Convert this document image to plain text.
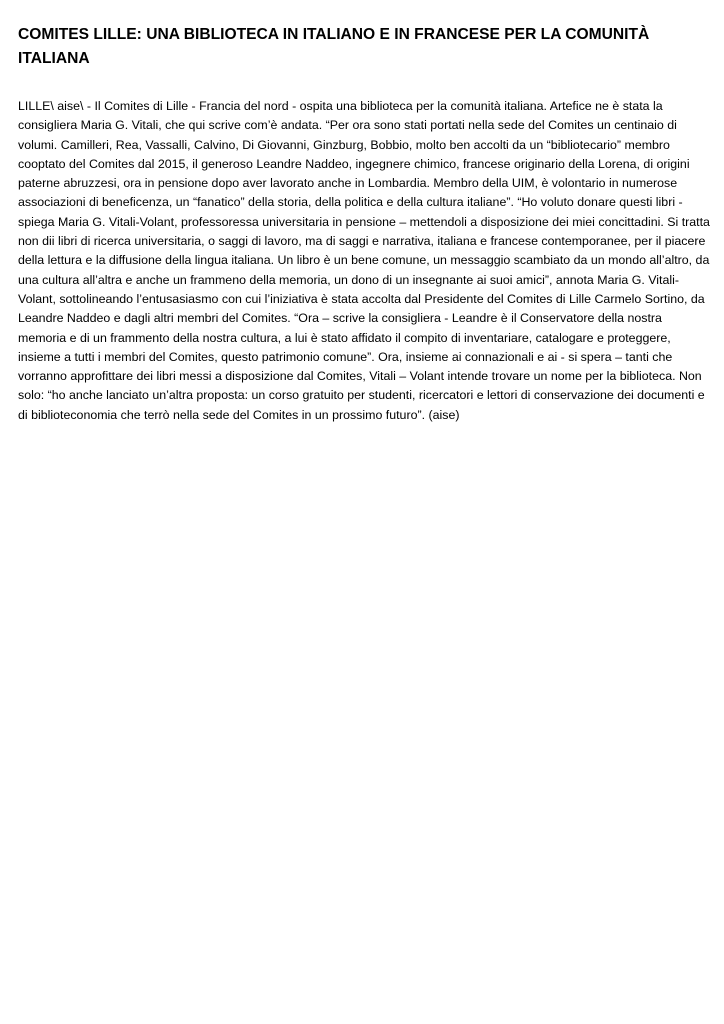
COMITES LILLE: UNA BIBLIOTECA IN ITALIANO E IN FRANCESE PER LA COMUNITÀ ITALIANA

LILLE\ aise\ - Il Comites di Lille - Francia del nord - ospita una biblioteca per la comunità italiana. Artefice ne è stata la consigliera Maria G. Vitali, che qui scrive com’è andata. “Per ora sono stati portati nella sede del Comites un centinaio di volumi. Camilleri, Rea, Vassalli, Calvino, Di Giovanni, Ginzburg, Bobbio, molto ben accolti da un “bibliotecario” membro cooptato del Comites dal 2015, il generoso Leandre Naddeo, ingegnere chimico, francese originario della Lorena, di origini paterne abruzzesi, ora in pensione dopo aver lavorato anche in Lombardia. Membro della UIM, è volontario in numerose associazioni di beneficenza, un “fanatico” della storia, della politica e della cultura italiane”. “Ho voluto donare questi libri - spiega Maria G. Vitali-Volant, professoressa universitaria in pensione – mettendoli a disposizione dei miei concittadini. Si tratta non dii libri di ricerca universitaria, o saggi di lavoro, ma di saggi e narrativa, italiana e francese contemporanee, per il piacere della lettura e la diffusione della lingua italiana. Un libro è un bene comune, un messaggio scambiato da un mondo all’altro, da una cultura all’altra e anche un frammeno della memoria, un dono di un insegnante ai suoi amici”, annota Maria G. Vitali-Volant, sottolineando l’entusasiasmo con cui l’iniziativa è stata accolta dal Presidente del Comites di Lille Carmelo Sortino, da Leandre Naddeo e dagli altri membri del Comites. “Ora – scrive la consigliera - Leandre è il Conservatore della nostra memoria e di un frammento della nostra cultura, a lui è stato affidato il compito di inventariare, catalogare e proteggere, insieme a tutti i membri del Comites, questo patrimonio comune”. Ora, insieme ai connazionali e ai - si spera – tanti che vorranno approfittare dei libri messi a disposizione dal Comites, Vitali – Volant intende trovare un nome per la biblioteca. Non solo: “ho anche lanciato un’altra proposta: un corso gratuito per studenti, ricercatori e lettori di conservazione dei documenti e di biblioteconomia che terrò nella sede del Comites in un prossimo futuro”. (aise)
